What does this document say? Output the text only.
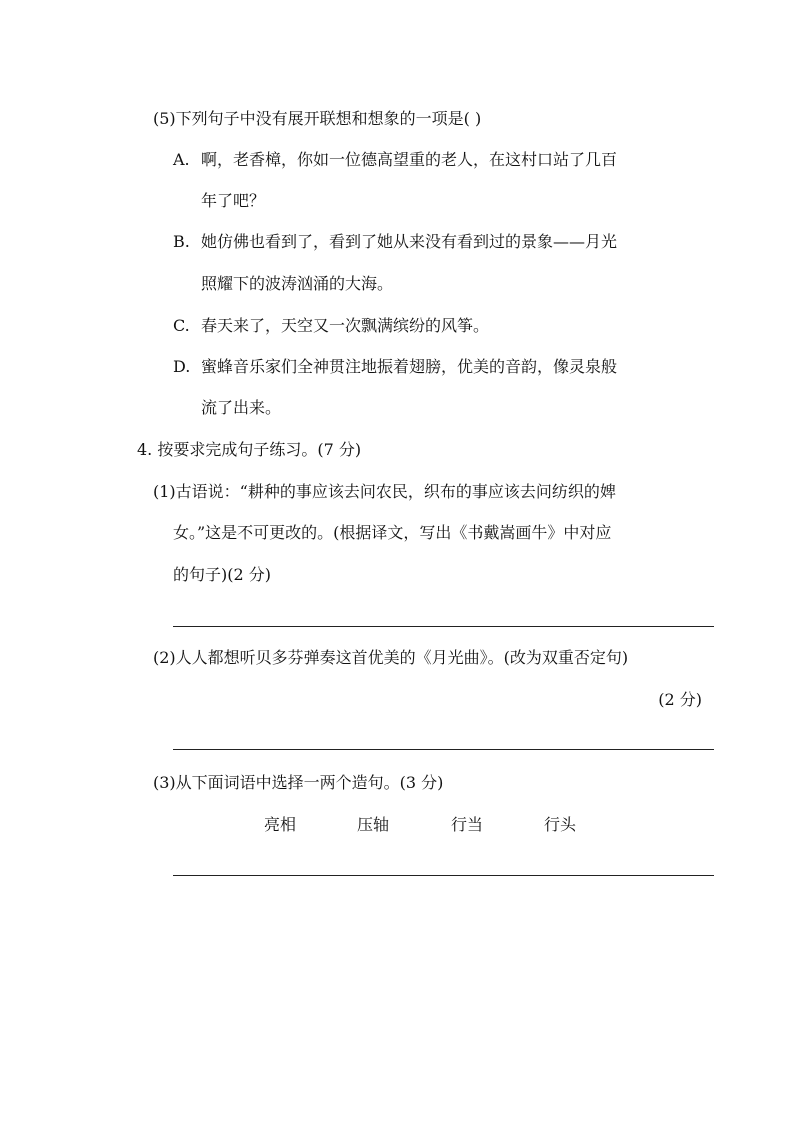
(5)下列句子中没有展开联想和想象的一项是( )
A. 啊，老香樟，你如一位德高望重的老人，在这村口站了几百
年了吧？
B. 她仿佛也看到了，看到了她从来没有看到过的景象——月光
照耀下的波涛汹涌的大海。
C. 春天来了，天空又一次飘满缤纷的风筝。
D. 蜜蜂音乐家们全神贯注地振着翅膀，优美的音韵，像灵泉般
流了出来。
4. 按要求完成句子练习。(7 分)
(1)古语说：“耕种的事应该去问农民，织布的事应该去问纺织的婢
女。”这是不可更改的。(根据译文，写出《书戴嵩画牛》中对应
的句子)(2 分)
(2)人人都想听贝多芬弹奏这首优美的《月光曲》。(改为双重否定句)
(2 分)
(3)从下面词语中选择一两个造句。(3 分)
亮相	压轴	行当	行头
